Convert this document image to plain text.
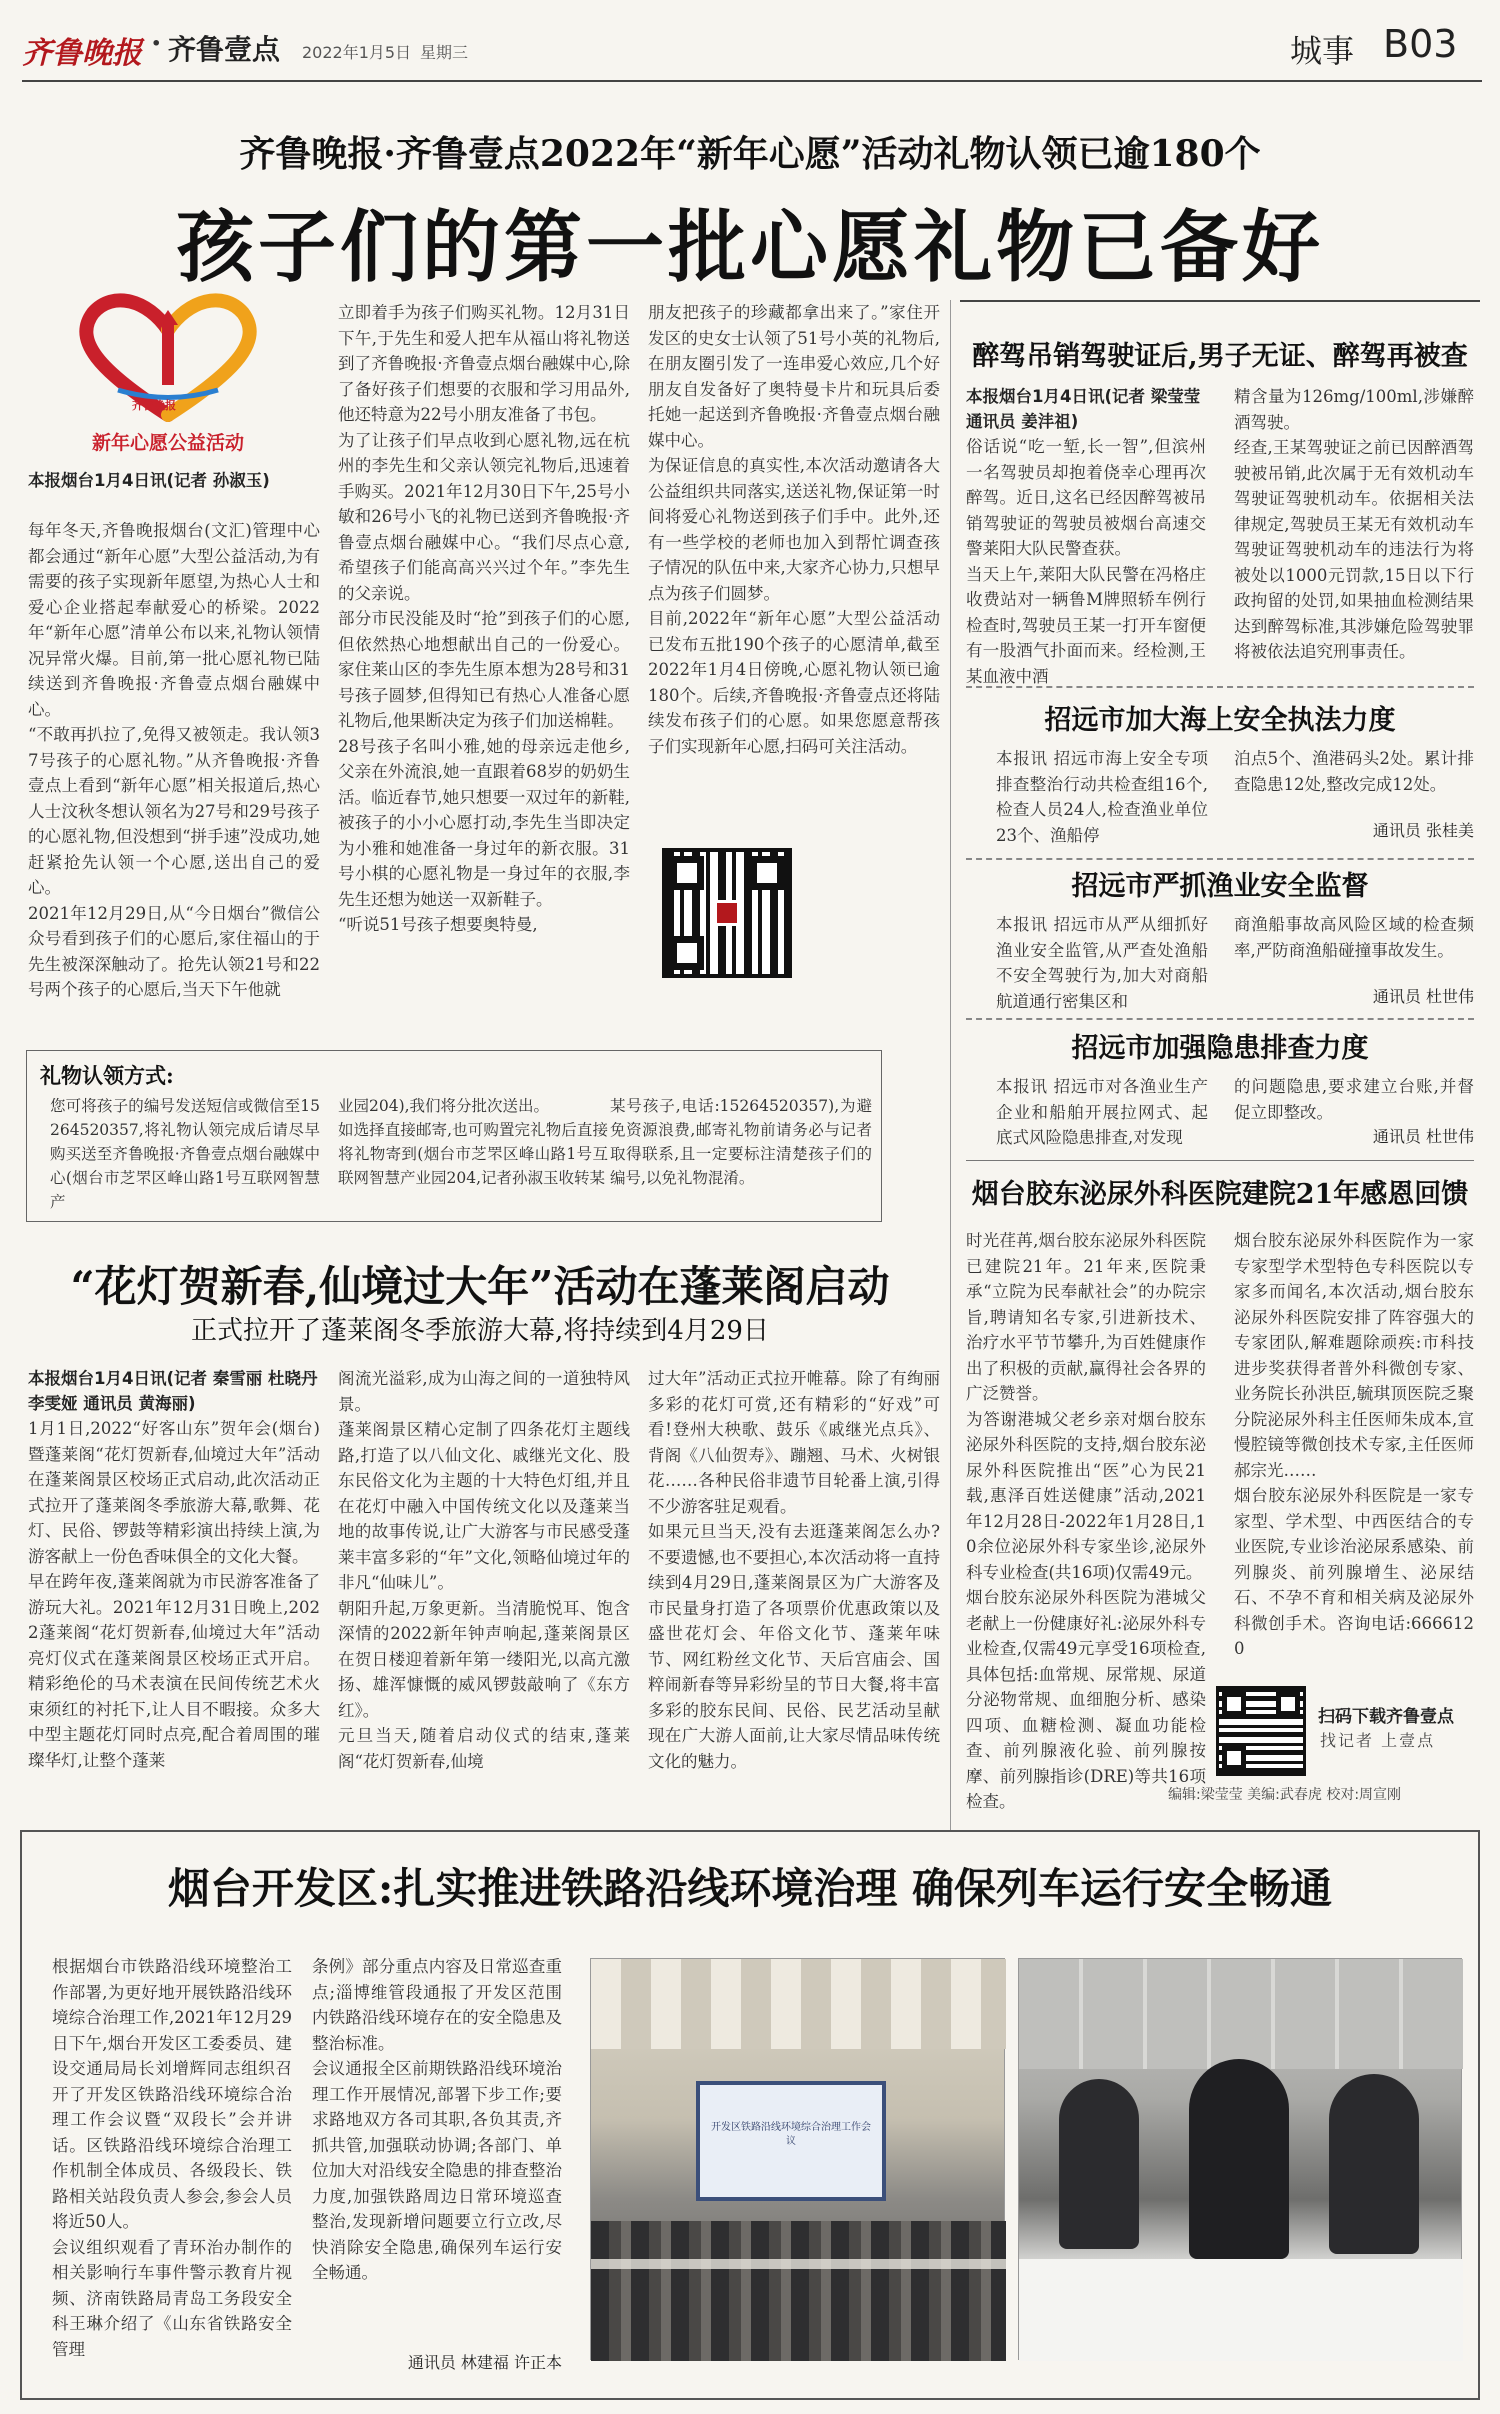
齐鲁晚报 · 齐鲁壹点 2022年1月5日 星期三	城事 B03
齐鲁晚报·齐鲁壹点2022年“新年心愿”活动礼物认领已逾180个
孩子们的第一批心愿礼物已备好
齐鲁晚报
新年心愿公益活动
本报烟台1月4日讯(记者 孙淑玉)
每年冬天,齐鲁晚报烟台(文汇)管理中心都会通过“新年心愿”大型公益活动,为有需要的孩子实现新年愿望,为热心人士和爱心企业搭起奉献爱心的桥梁。2022年“新年心愿”清单公布以来,礼物认领情况异常火爆。目前,第一批心愿礼物已陆续送到齐鲁晚报·齐鲁壹点烟台融媒中心。
“不敢再扒拉了,免得又被领走。我认领37号孩子的心愿礼物。”从齐鲁晚报·齐鲁壹点上看到“新年心愿”相关报道后,热心人士汶秋冬想认领名为27号和29号孩子的心愿礼物,但没想到“拼手速”没成功,她赶紧抢先认领一个心愿,送出自己的爱心。
2021年12月29日,从“今日烟台”微信公众号看到孩子们的心愿后,家住福山的于先生被深深触动了。抢先认领21号和22号两个孩子的心愿后,当天下午他就
立即着手为孩子们购买礼物。12月31日下午,于先生和爱人把车从福山将礼物送到了齐鲁晚报·齐鲁壹点烟台融媒中心,除了备好孩子们想要的衣服和学习用品外,他还特意为22号小朋友准备了书包。
为了让孩子们早点收到心愿礼物,远在杭州的李先生和父亲认领完礼物后,迅速着手购买。2021年12月30日下午,25号小敏和26号小飞的礼物已送到齐鲁晚报·齐鲁壹点烟台融媒中心。“我们尽点心意,希望孩子们能高高兴兴过个年。”李先生的父亲说。
部分市民没能及时“抢”到孩子们的心愿,但依然热心地想献出自己的一份爱心。家住莱山区的李先生原本想为28号和31号孩子圆梦,但得知已有热心人准备心愿礼物后,他果断决定为孩子们加送棉鞋。
28号孩子名叫小雅,她的母亲远走他乡,父亲在外流浪,她一直跟着68岁的奶奶生活。临近春节,她只想要一双过年的新鞋,被孩子的小小心愿打动,李先生当即决定为小雅和她准备一身过年的新衣服。31号小棋的心愿礼物是一身过年的衣服,李先生还想为她送一双新鞋子。
“听说51号孩子想要奥特曼,
朋友把孩子的珍藏都拿出来了。”家住开发区的史女士认领了51号小英的礼物后,在朋友圈引发了一连串爱心效应,几个好朋友自发备好了奥特曼卡片和玩具后委托她一起送到齐鲁晚报·齐鲁壹点烟台融媒中心。
为保证信息的真实性,本次活动邀请各大公益组织共同落实,送送礼物,保证第一时间将爱心礼物送到孩子们手中。此外,还有一些学校的老师也加入到帮忙调查孩子情况的队伍中来,大家齐心协力,只想早点为孩子们圆梦。
目前,2022年“新年心愿”大型公益活动已发布五批190个孩子的心愿清单,截至2022年1月4日傍晚,心愿礼物认领已逾180个。后续,齐鲁晚报·齐鲁壹点还将陆续发布孩子们的心愿。如果您愿意帮孩子们实现新年心愿,扫码可关注活动。
礼物认领方式:
您可将孩子的编号发送短信或微信至15264520357,将礼物认领完成后请尽早购买送至齐鲁晚报·齐鲁壹点烟台融媒中心(烟台市芝罘区峰山路1号互联网智慧产
业园204),我们将分批次送出。
如选择直接邮寄,也可购置完礼物后直接将礼物寄到(烟台市芝罘区峰山路1号互联网智慧产业园204,记者孙淑玉收转某
某号孩子,电话:15264520357),为避免资源浪费,邮寄礼物前请务必与记者取得联系,且一定要标注清楚孩子们的编号,以免礼物混淆。
“花灯贺新春,仙境过大年”活动在蓬莱阁启动
正式拉开了蓬莱阁冬季旅游大幕,将持续到4月29日
本报烟台1月4日讯(记者 秦雪丽 杜晓丹 李雯娅 通讯员 黄海丽)
1月1日,2022“好客山东”贺年会(烟台)暨蓬莱阁“花灯贺新春,仙境过大年”活动在蓬莱阁景区校场正式启动,此次活动正式拉开了蓬莱阁冬季旅游大幕,歌舞、花灯、民俗、锣鼓等精彩演出持续上演,为游客献上一份色香味俱全的文化大餐。
早在跨年夜,蓬莱阁就为市民游客准备了游玩大礼。2021年12月31日晚上,2022蓬莱阁“花灯贺新春,仙境过大年”活动亮灯仪式在蓬莱阁景区校场正式开启。精彩绝伦的马术表演在民间传统艺术火束须红的衬托下,让人目不暇接。众多大中型主题花灯同时点亮,配合着周围的璀璨华灯,让整个蓬莱
阁流光溢彩,成为山海之间的一道独特风景。
蓬莱阁景区精心定制了四条花灯主题线路,打造了以八仙文化、戚继光文化、股东民俗文化为主题的十大特色灯组,并且在花灯中融入中国传统文化以及蓬莱当地的故事传说,让广大游客与市民感受蓬莱丰富多彩的“年”文化,领略仙境过年的非凡“仙味儿”。
朝阳升起,万象更新。当清脆悦耳、饱含深情的2022新年钟声响起,蓬莱阁景区在贺日楼迎着新年第一缕阳光,以高亢激扬、雄浑慷慨的威风锣鼓敲响了《东方红》。
元旦当天,随着启动仪式的结束,蓬莱阁“花灯贺新春,仙境
过大年”活动正式拉开帷幕。除了有绚丽多彩的花灯可赏,还有精彩的“好戏”可看!登州大秧歌、鼓乐《戚继光点兵》、背阁《八仙贺寿》、蹦翘、马术、火树银花……各种民俗非遗节目轮番上演,引得不少游客驻足观看。
如果元旦当天,没有去逛蓬莱阁怎么办?不要遗憾,也不要担心,本次活动将一直持续到4月29日,蓬莱阁景区为广大游客及市民量身打造了各项票价优惠政策以及盛世花灯会、年俗文化节、蓬莱年味节、网红粉丝文化节、天后宫庙会、国粹闹新春等异彩纷呈的节日大餐,将丰富多彩的胶东民间、民俗、民艺活动呈献现在广大游人面前,让大家尽情品味传统文化的魅力。
醉驾吊销驾驶证后,男子无证、醉驾再被查
本报烟台1月4日讯(记者 梁莹莹 通讯员 姜沣祖)
俗话说“吃一堑,长一智”,但滨州一名驾驶员却抱着侥幸心理再次醉驾。近日,这名已经因醉驾被吊销驾驶证的驾驶员被烟台高速交警莱阳大队民警查获。
当天上午,莱阳大队民警在冯格庄收费站对一辆鲁M牌照轿车例行检查时,驾驶员王某一打开车窗便有一股酒气扑面而来。经检测,王某血液中酒
精含量为126mg/100ml,涉嫌醉酒驾驶。
经查,王某驾驶证之前已因醉酒驾驶被吊销,此次属于无有效机动车驾驶证驾驶机动车。依据相关法律规定,驾驶员王某无有效机动车驾驶证驾驶机动车的违法行为将被处以1000元罚款,15日以下行政拘留的处罚,如果抽血检测结果达到醉驾标准,其涉嫌危险驾驶罪将被依法追究刑事责任。
招远市加大海上安全执法力度
本报讯 招远市海上安全专项排查整治行动共检查组16个,检查人员24人,检查渔业单位23个、渔船停
泊点5个、渔港码头2处。累计排查隐患12处,整改完成12处。
通讯员 张桂美
招远市严抓渔业安全监督
本报讯 招远市从严从细抓好渔业安全监管,从严查处渔船不安全驾驶行为,加大对商船航道通行密集区和
商渔船事故高风险区域的检查频率,严防商渔船碰撞事故发生。
通讯员 杜世伟
招远市加强隐患排查力度
本报讯 招远市对各渔业生产企业和船舶开展拉网式、起底式风险隐患排查,对发现
的问题隐患,要求建立台账,并督促立即整改。
通讯员 杜世伟
烟台胶东泌尿外科医院建院21年感恩回馈
时光荏苒,烟台胶东泌尿外科医院已建院21年。21年来,医院秉承“立院为民奉献社会”的办院宗旨,聘请知名专家,引进新技术、治疗水平节节攀升,为百姓健康作出了积极的贡献,赢得社会各界的广泛赞誉。
为答谢港城父老乡亲对烟台胶东泌尿外科医院的支持,烟台胶东泌尿外科医院推出“医”心为民21载,惠泽百姓送健康”活动,2021年12月28日-2022年1月28日,10余位泌尿外科专家坐诊,泌尿外科专业检查(共16项)仅需49元。
烟台胶东泌尿外科医院为港城父老献上一份健康好礼:泌尿外科专业检查,仅需49元享受16项检查,具体包括:血常规、尿常规、尿道分泌物常规、血细胞分析、感染四项、血糖检测、凝血功能检查、前列腺液化验、前列腺按摩、前列腺指诊(DRE)等共16项检查。
烟台胶东泌尿外科医院作为一家专家型学术型特色专科医院以专家多而闻名,本次活动,烟台胶东泌尿外科医院安排了阵容强大的专家团队,解难题除顽疾:市科技进步奖获得者普外科微创专家、业务院长孙洪臣,毓琪顶医院乏聚分院泌尿外科主任医师朱成本,宣慢腔镜等微创技术专家,主任医师郝宗光……
烟台胶东泌尿外科医院是一家专家型、学术型、中西医结合的专业医院,专业诊治泌尿系感染、前列腺炎、前列腺增生、泌尿结石、不孕不育和相关病及泌尿外科微创手术。咨询电话:6666120
扫码下载齐鲁壹点
找记者 上壹点
编辑:梁莹莹 美编:武春虎 校对:周宣刚
烟台开发区:扎实推进铁路沿线环境治理 确保列车运行安全畅通
根据烟台市铁路沿线环境整治工作部署,为更好地开展铁路沿线环境综合治理工作,2021年12月29日下午,烟台开发区工委委员、建设交通局局长刘增辉同志组织召开了开发区铁路沿线环境综合治理工作会议暨“双段长”会并讲话。区铁路沿线环境综合治理工作机制全体成员、各级段长、铁路相关站段负责人参会,参会人员将近50人。
会议组织观看了青环治办制作的相关影响行车事件警示教育片视频、济南铁路局青岛工务段安全科王琳介绍了《山东省铁路安全管理
条例》部分重点内容及日常巡查重点;淄博维管段通报了开发区范围内铁路沿线环境存在的安全隐患及整治标准。
会议通报全区前期铁路沿线环境治理工作开展情况,部署下步工作;要求路地双方各司其职,各负其责,齐抓共管,加强联动协调;各部门、单位加大对沿线安全隐患的排查整治力度,加强铁路周边日常环境巡查整治,发现新增问题要立行立改,尽快消除安全隐患,确保列车运行安全畅通。
通讯员 林建福 许正本
开发区铁路沿线环境综合治理工作会议
